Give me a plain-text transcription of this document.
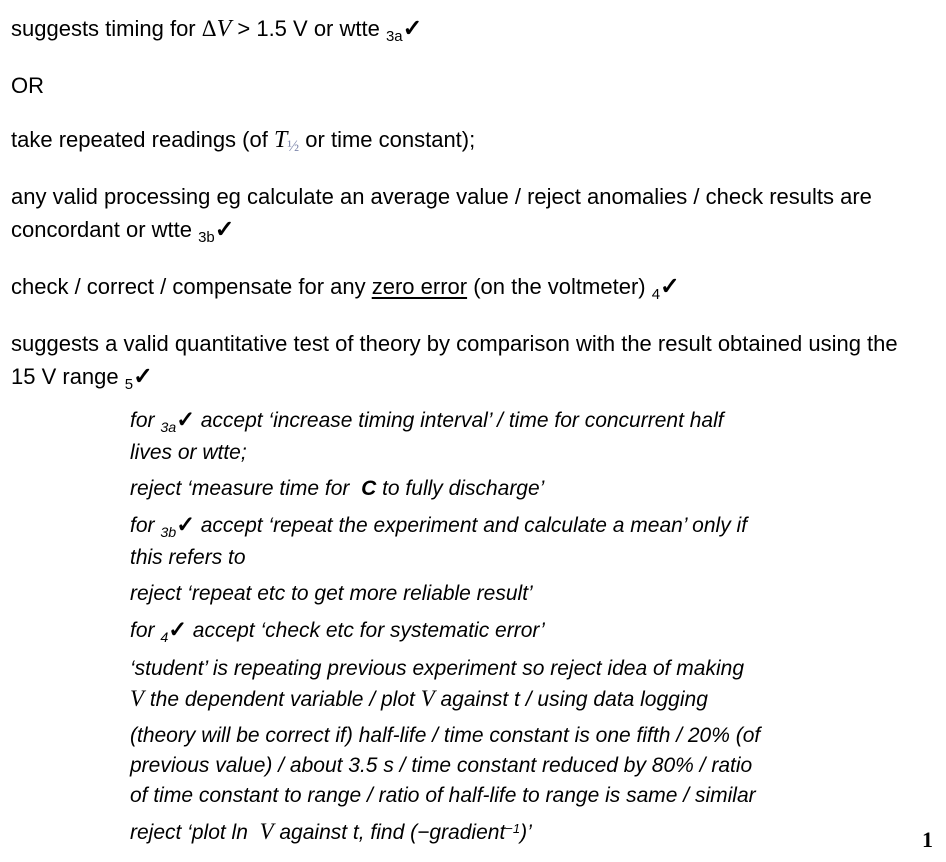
suggests timing for ΔV > 1.5 V or wtte $_{3a}$✓
OR
take repeated readings (of $T_{\frac{1}{2}}$ or time constant);
any valid processing eg calculate an average value / reject anomalies / check results are
concordant or wtte $_{3b}$✓
check / correct / compensate for any zero error (on the voltmeter) $_4$✓
suggests a valid quantitative test of theory by comparison with the result obtained using the
15 V range $_5$✓
for $_{3a}$✓ accept ‘increase timing interval’ / time for concurrent half
lives or wtte;
reject ‘measure time for  C to fully discharge’
for $_{3b}$✓ accept ‘repeat the experiment and calculate a mean’ only if
this refers to
reject ‘repeat etc to get more reliable result’
for $_4$✓ accept ‘check etc for systematic error’
‘student’ is repeating previous experiment so reject idea of making
V the dependent variable / plot V against t / using data logging
(theory will be correct if) half-life / time constant is one fifth / 20% (of
previous value) / about 3.5 s / time constant reduced by 80% / ratio
of time constant to range / ratio of half-life to range is same / similar
reject ‘plot ln  V against t, find (−gradient$^{-1}$)’	1
